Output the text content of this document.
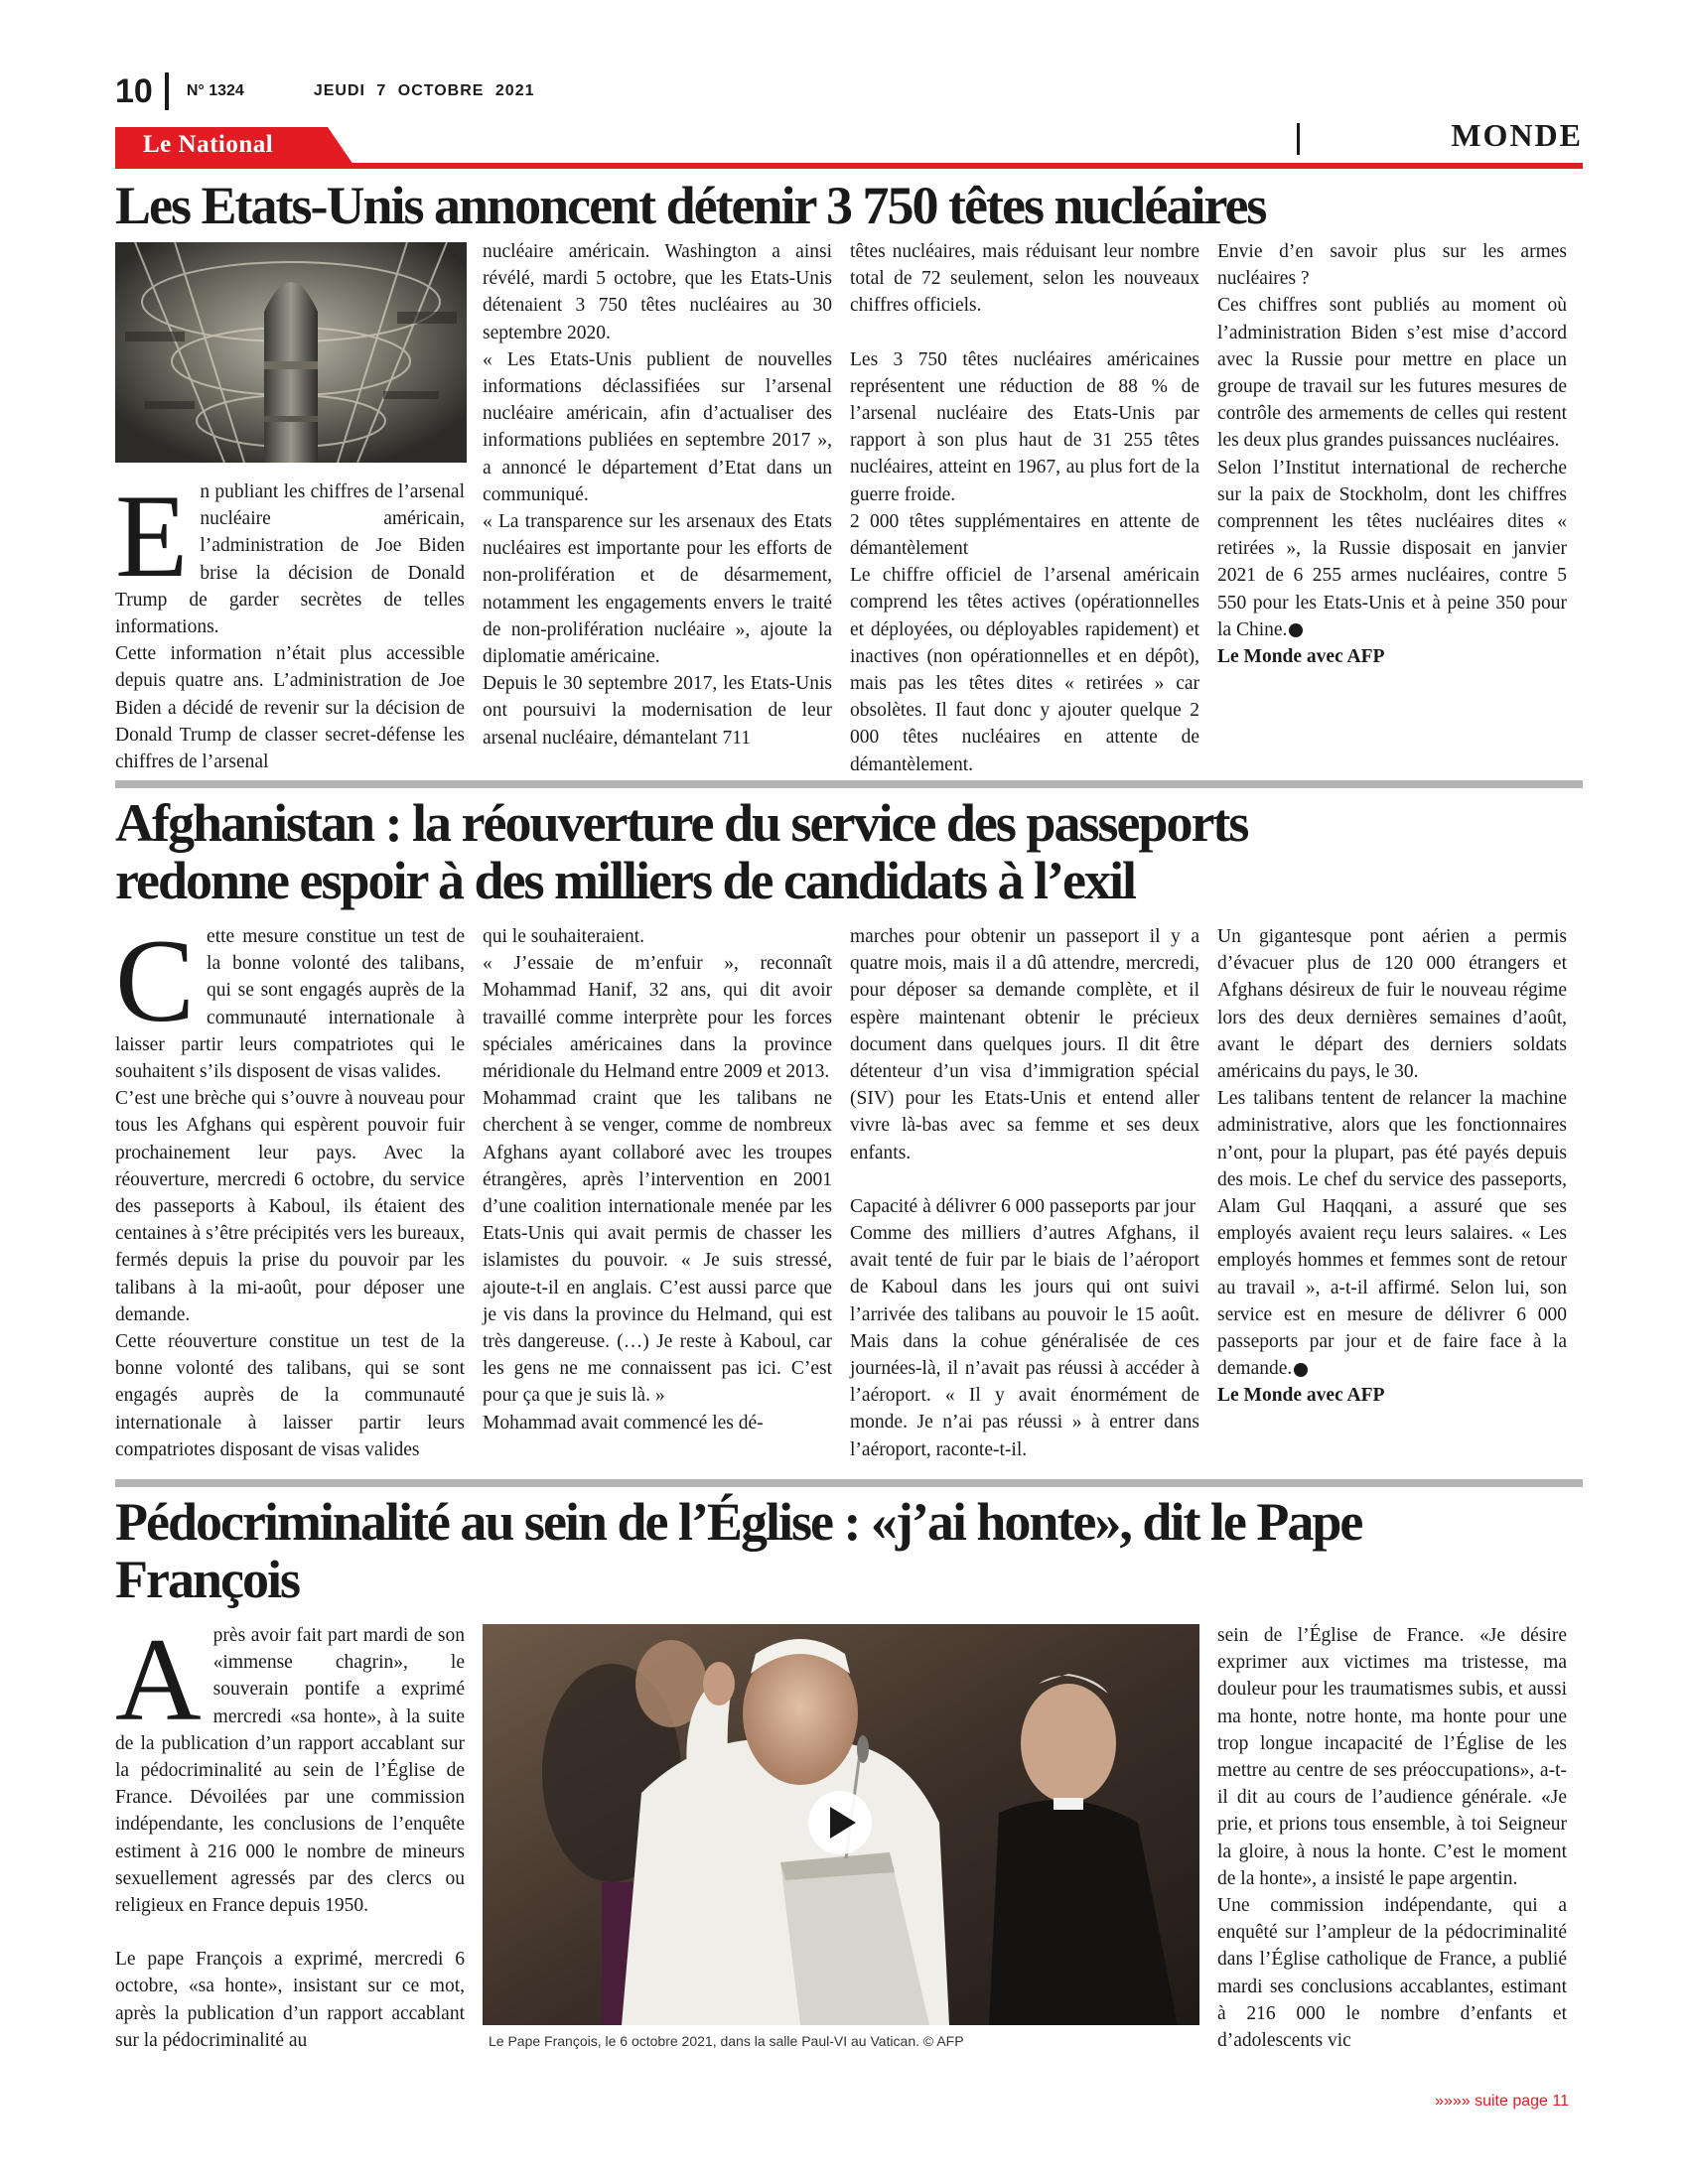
10 N° 1324	JEUDI 7 OCTOBRE 2021
Le National	MONDE
Les Etats-Unis annoncent détenir 3 750 têtes nucléaires
E n publiant les chiffres de l’arsenal nucléaire américain, l’administration de Joe Biden brise la décision de Donald Trump de garder secrètes de telles informations.

Cette information n’était plus accessible depuis quatre ans. L’administration de Joe Biden a décidé de revenir sur la décision de Donald Trump de classer secret-défense les chiffres de l’arsenal

nucléaire américain. Washington a ainsi révélé, mardi 5 octobre, que les Etats-Unis détenaient 3 750 têtes nucléaires au 30 septembre 2020.

« Les Etats-Unis publient de nouvelles informations déclassifiées sur l’arsenal nucléaire américain, afin d’actualiser des informations publiées en septembre 2017 », a annoncé le département d’Etat dans un communiqué.

« La transparence sur les arsenaux des Etats nucléaires est importante pour les efforts de non-prolifération et de désarmement, notamment les engagements envers le traité de non-prolifération nucléaire », ajoute la diplomatie américaine.

Depuis le 30 septembre 2017, les Etats-Unis ont poursuivi la modernisation de leur arsenal nucléaire, démantelant 711

têtes nucléaires, mais réduisant leur nombre total de 72 seulement, selon les nouveaux chiffres officiels.

Les 3 750 têtes nucléaires américaines représentent une réduction de 88 % de l’arsenal nucléaire des Etats-Unis par rapport à son plus haut de 31 255 têtes nucléaires, atteint en 1967, au plus fort de la guerre froide.

2 000 têtes supplémentaires en attente de démantèlement

Le chiffre officiel de l’arsenal américain comprend les têtes actives (opérationnelles et déployées, ou déployables rapidement) et inactives (non opérationnelles et en dépôt), mais pas les têtes dites « retirées » car obsolètes. Il faut donc y ajouter quelque 2 000 têtes nucléaires en attente de démantèlement.

Envie d’en savoir plus sur les armes nucléaires ?

Ces chiffres sont publiés au moment où l’administration Biden s’est mise d’accord avec la Russie pour mettre en place un groupe de travail sur les futures mesures de contrôle des armements de celles qui restent les deux plus grandes puissances nucléaires.

Selon l’Institut international de recherche sur la paix de Stockholm, dont les chiffres comprennent les têtes nucléaires dites « retirées », la Russie disposait en janvier 2021 de 6 255 armes nucléaires, contre 5 550 pour les Etats-Unis et à peine 350 pour la Chine.

Le Monde avec AFP

Afghanistan : la réouverture du service des passeports
redonne espoir à des milliers de candidats à l’exil
C ette mesure constitue un test de la bonne volonté des talibans, qui se sont engagés auprès de la communauté internationale à laisser partir leurs compatriotes qui le souhaitent s’ils disposent de visas valides.

C’est une brèche qui s’ouvre à nouveau pour tous les Afghans qui espèrent pouvoir fuir prochainement leur pays. Avec la réouverture, mercredi 6 octobre, du service des passeports à Kaboul, ils étaient des centaines à s’être précipités vers les bureaux, fermés depuis la prise du pouvoir par les talibans à la mi-août, pour déposer une demande.

Cette réouverture constitue un test de la bonne volonté des talibans, qui se sont engagés auprès de la communauté internationale à laisser partir leurs compatriotes disposant de visas valides

qui le souhaiteraient.

« J’essaie de m’enfuir », reconnaît Mohammad Hanif, 32 ans, qui dit avoir travaillé comme interprète pour les forces spéciales américaines dans la province méridionale du Helmand entre 2009 et 2013.

Mohammad craint que les talibans ne cherchent à se venger, comme de nombreux Afghans ayant collaboré avec les troupes étrangères, après l’intervention en 2001 d’une coalition internationale menée par les Etats-Unis qui avait permis de chasser les islamistes du pouvoir. « Je suis stressé, ajoute-t-il en anglais. C’est aussi parce que je vis dans la province du Helmand, qui est très dangereuse. (…) Je reste à Kaboul, car les gens ne me connaissent pas ici. C’est pour ça que je suis là. »

Mohammad avait commencé les dé-

marches pour obtenir un passeport il y a quatre mois, mais il a dû attendre, mercredi, pour déposer sa demande complète, et il espère maintenant obtenir le précieux document dans quelques jours. Il dit être détenteur d’un visa d’immigration spécial (SIV) pour les Etats-Unis et entend aller vivre là-bas avec sa femme et ses deux enfants.

Capacité à délivrer 6 000 passeports par jour

Comme des milliers d’autres Afghans, il avait tenté de fuir par le biais de l’aéroport de Kaboul dans les jours qui ont suivi l’arrivée des talibans au pouvoir le 15 août. Mais dans la cohue généralisée de ces journées-là, il n’avait pas réussi à accéder à l’aéroport. « Il y avait énormément de monde. Je n’ai pas réussi » à entrer dans l’aéroport, raconte-t-il.

Un gigantesque pont aérien a permis d’évacuer plus de 120 000 étrangers et Afghans désireux de fuir le nouveau régime lors des deux dernières semaines d’août, avant le départ des derniers soldats américains du pays, le 30.

Les talibans tentent de relancer la machine administrative, alors que les fonctionnaires n’ont, pour la plupart, pas été payés depuis des mois. Le chef du service des passeports, Alam Gul Haqqani, a assuré que ses employés avaient reçu leurs salaires. « Les employés hommes et femmes sont de retour au travail », a-t-il affirmé. Selon lui, son service est en mesure de délivrer 6 000 passeports par jour et de faire face à la demande.

Le Monde avec AFP

Pédocriminalité au sein de l’Église : «j’ai honte», dit le Pape
François
A près avoir fait part mardi de son «immense chagrin», le souverain pontife a exprimé mercredi «sa honte», à la suite de la publication d’un rapport accablant sur la pédocriminalité au sein de l’Église de France. Dévoilées par une commission indépendante, les conclusions de l’enquête estiment à 216 000 le nombre de mineurs sexuellement agressés par des clercs ou religieux en France depuis 1950.

Le pape François a exprimé, mercredi 6 octobre, «sa honte», insistant sur ce mot, après la publication d’un rapport accablant sur la pédocriminalité au	Le Pape François, le 6 octobre 2021, dans la salle Paul-VI au Vatican. © AFP

sein de l’Église de France. «Je désire exprimer aux victimes ma tristesse, ma douleur pour les traumatismes subis, et aussi ma honte, notre honte, ma honte pour une trop longue incapacité de l’Église de les mettre au centre de ses préoccupations», a-t-il dit au cours de l’audience générale. «Je prie, et prions tous ensemble, à toi Seigneur la gloire, à nous la honte. C’est le moment de la honte», a insisté le pape argentin.

Une commission indépendante, qui a enquêté sur l’ampleur de la pédocriminalité dans l’Église catholique de France, a publié mardi ses conclusions accablantes, estimant à 216 000 le nombre d’enfants et d’adolescents vic

»»»» suite page 11
